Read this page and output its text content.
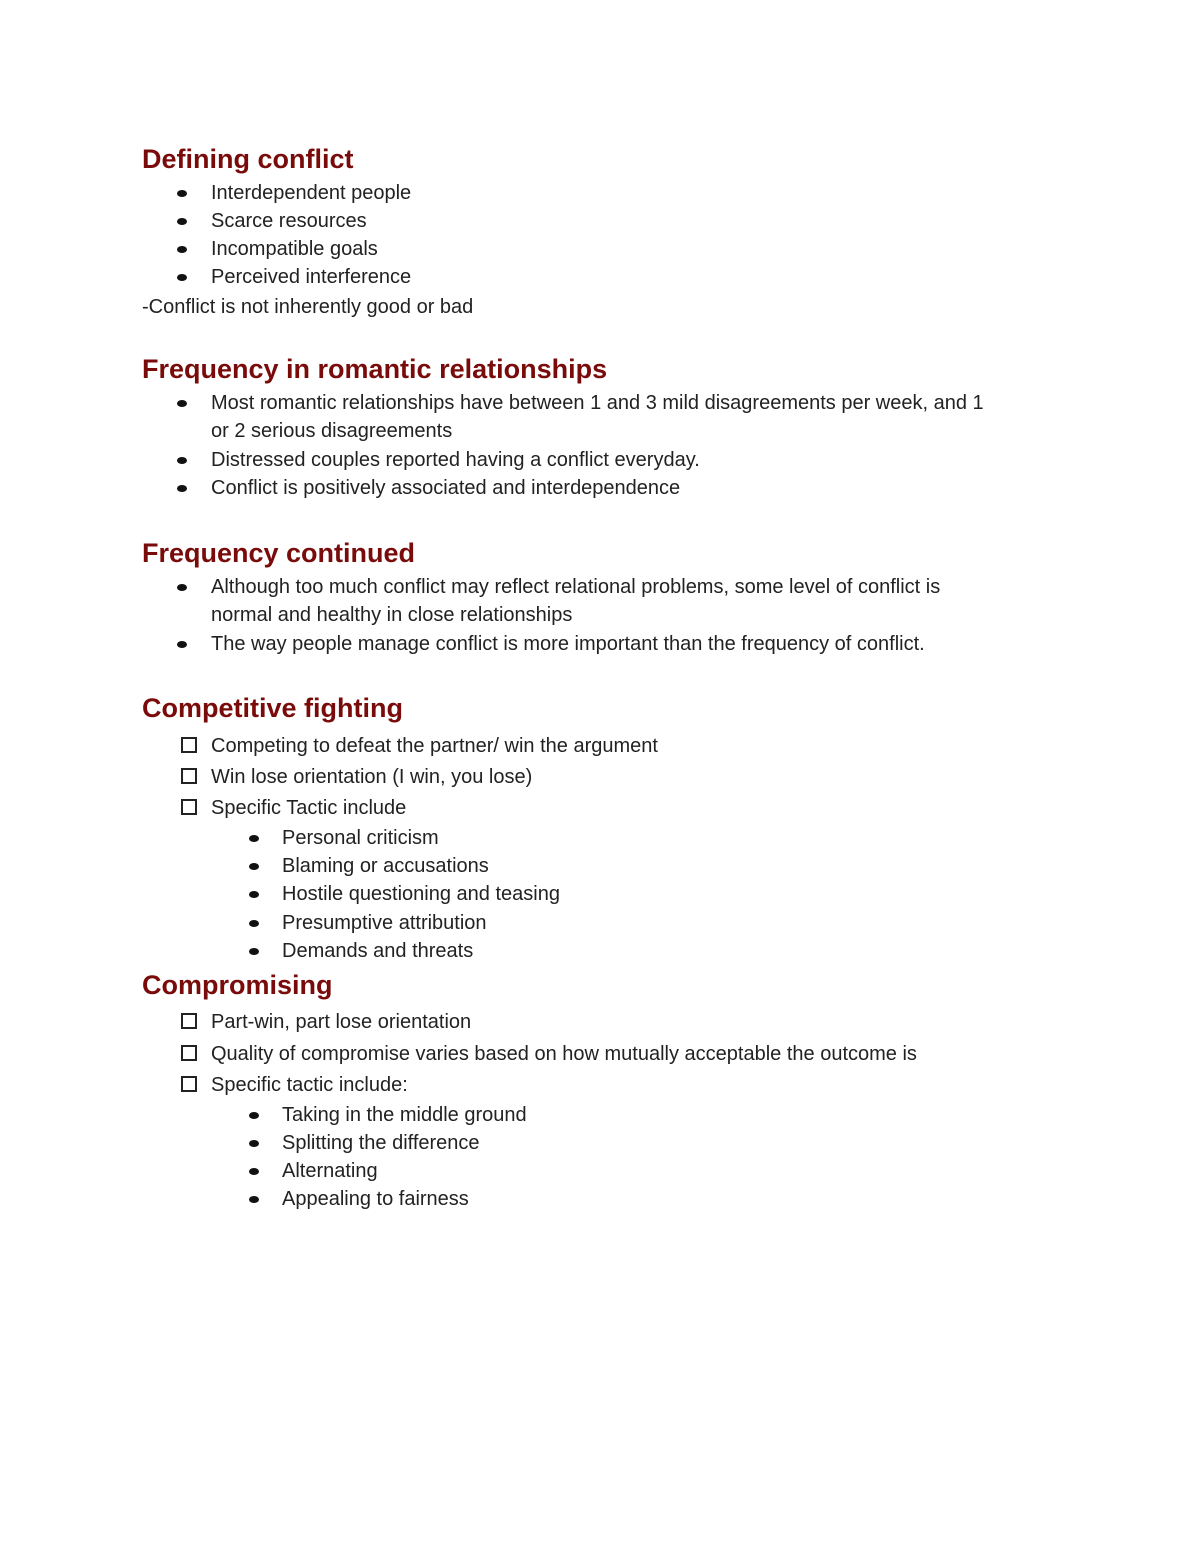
Defining conflict
Interdependent people
Scarce resources
Incompatible goals
Perceived interference
-Conflict is not inherently good or bad
Frequency in romantic relationships
Most romantic relationships have between 1 and 3 mild disagreements per week, and 1
or 2 serious disagreements
Distressed couples reported having a conflict everyday.
Conflict is positively associated and interdependence
Frequency continued
Although too much conflict may reflect relational problems, some level of conflict is
normal and healthy in close relationships
The way people manage conflict is more important than the frequency of conflict.
Competitive fighting
Competing to defeat the partner/ win the argument
Win lose orientation (I win, you lose)
Specific Tactic include
Personal criticism
Blaming or accusations
Hostile questioning and teasing
Presumptive attribution
Demands and threats
Compromising
Part-win, part lose orientation
Quality of compromise varies based on how mutually acceptable the outcome is
Specific tactic include:
Taking in the middle ground
Splitting the difference
Alternating
Appealing to fairness
